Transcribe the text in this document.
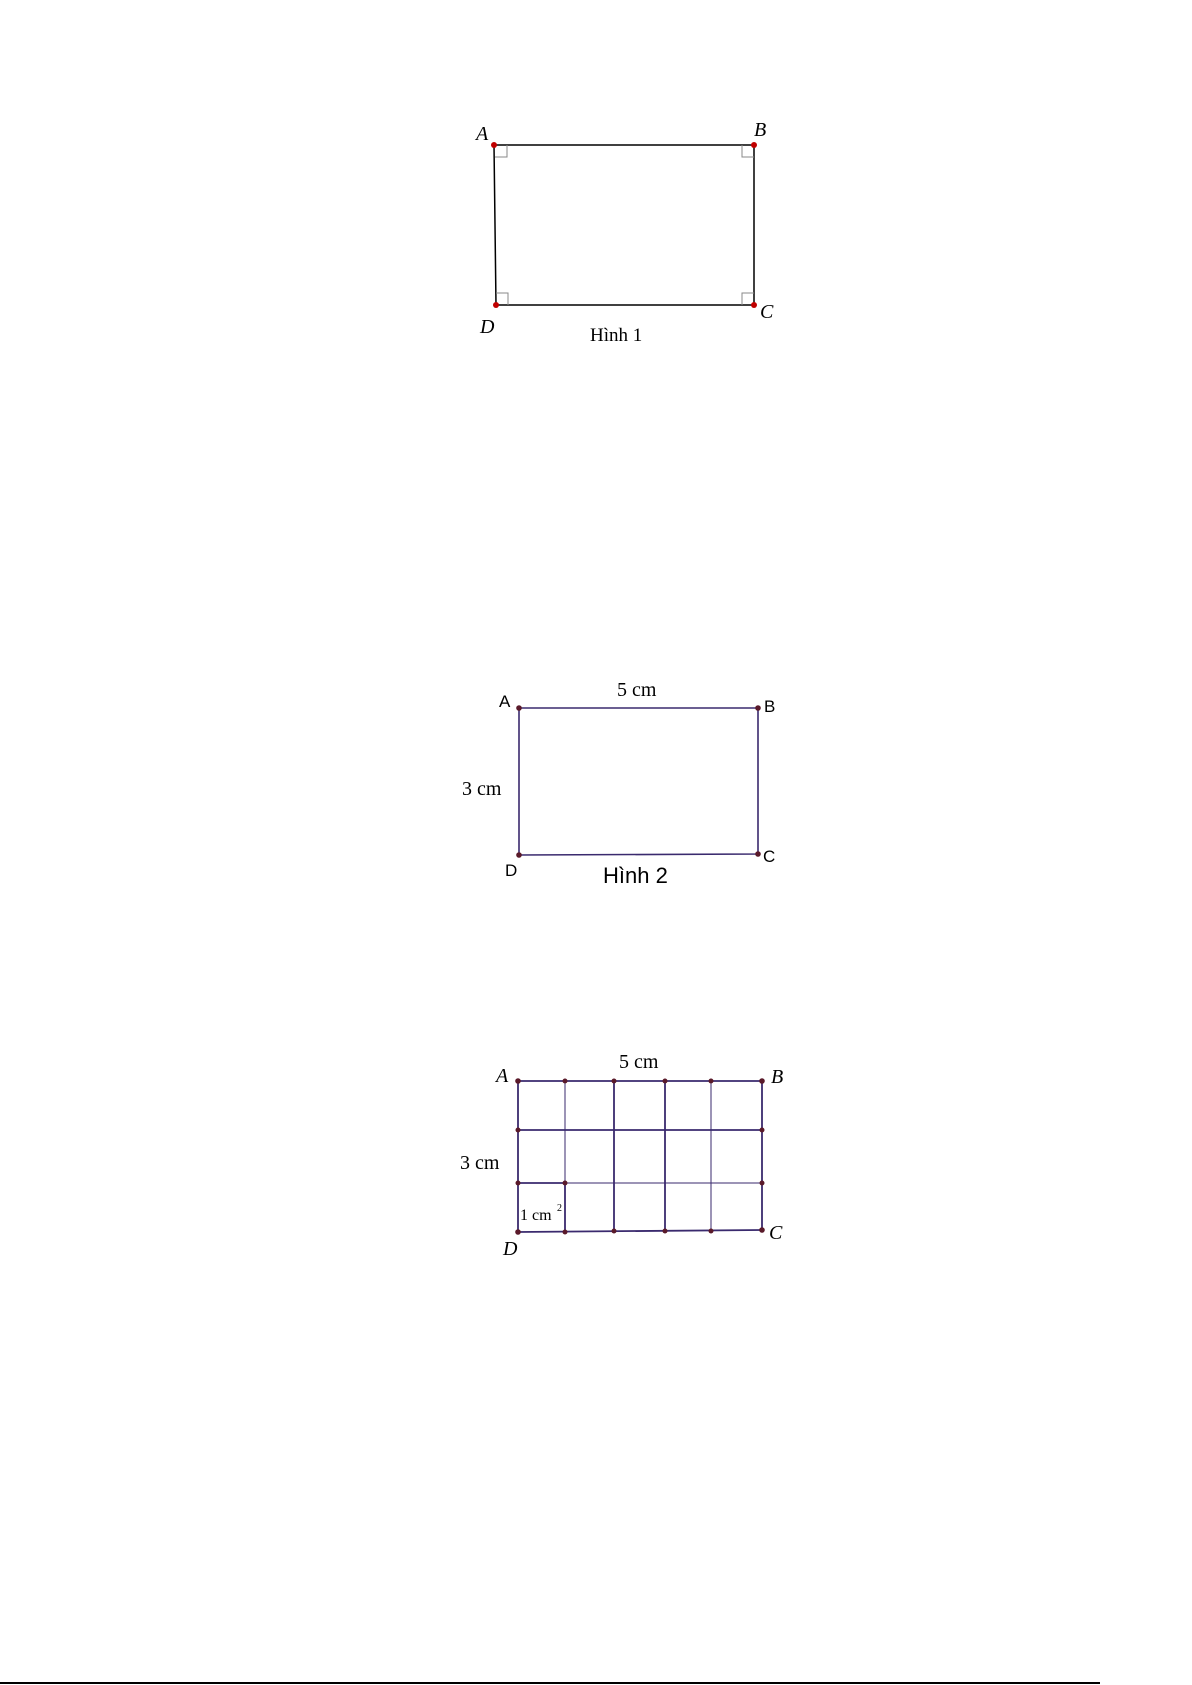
A	B
C
D	Hình 1
A	B
C
D
5 cm
3 cm
Hình 2
A	B
C
D
5 cm
3 cm
1 cm 2
